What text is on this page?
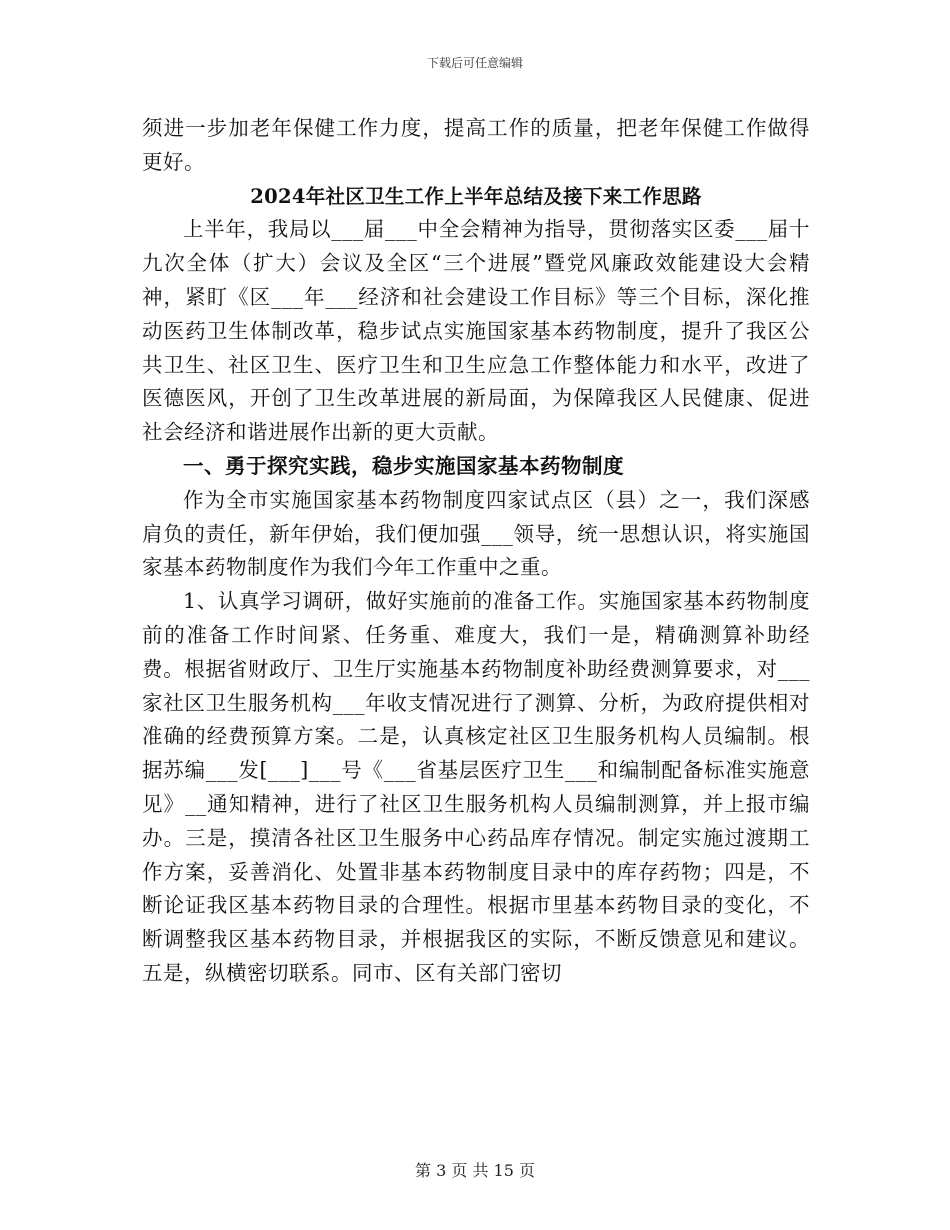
下载后可任意编辑

须进一步加老年保健工作力度，提高工作的质量，把老年保健工作做得更好。

2024年社区卫生工作上半年总结及接下来工作思路

上半年，我局以___届___中全会精神为指导，贯彻落实区委___届十九次全体（扩大）会议及全区“三个进展”暨党风廉政效能建设大会精神，紧盯《区___年___经济和社会建设工作目标》等三个目标，深化推动医药卫生体制改革，稳步试点实施国家基本药物制度，提升了我区公共卫生、社区卫生、医疗卫生和卫生应急工作整体能力和水平，改进了医德医风，开创了卫生改革进展的新局面，为保障我区人民健康、促进社会经济和谐进展作出新的更大贡献。

一、勇于探究实践，稳步实施国家基本药物制度

作为全市实施国家基本药物制度四家试点区（县）之一，我们深感肩负的责任，新年伊始，我们便加强___领导，统一思想认识，将实施国家基本药物制度作为我们今年工作重中之重。

1、认真学习调研，做好实施前的准备工作。实施国家基本药物制度前的准备工作时间紧、任务重、难度大，我们一是，精确测算补助经费。根据省财政厅、卫生厅实施基本药物制度补助经费测算要求，对___家社区卫生服务机构___年收支情况进行了测算、分析，为政府提供相对准确的经费预算方案。二是，认真核定社区卫生服务机构人员编制。根据苏编___发[___]___号《___省基层医疗卫生___和编制配备标准实施意见》__通知精神，进行了社区卫生服务机构人员编制测算，并上报市编办。三是，摸清各社区卫生服务中心药品库存情况。制定实施过渡期工作方案，妥善消化、处置非基本药物制度目录中的库存药物；四是，不断论证我区基本药物目录的合理性。根据市里基本药物目录的变化，不断调整我区基本药物目录，并根据我区的实际，不断反馈意见和建议。五是，纵横密切联系。同市、区有关部门密切

第 3 页 共 15 页
